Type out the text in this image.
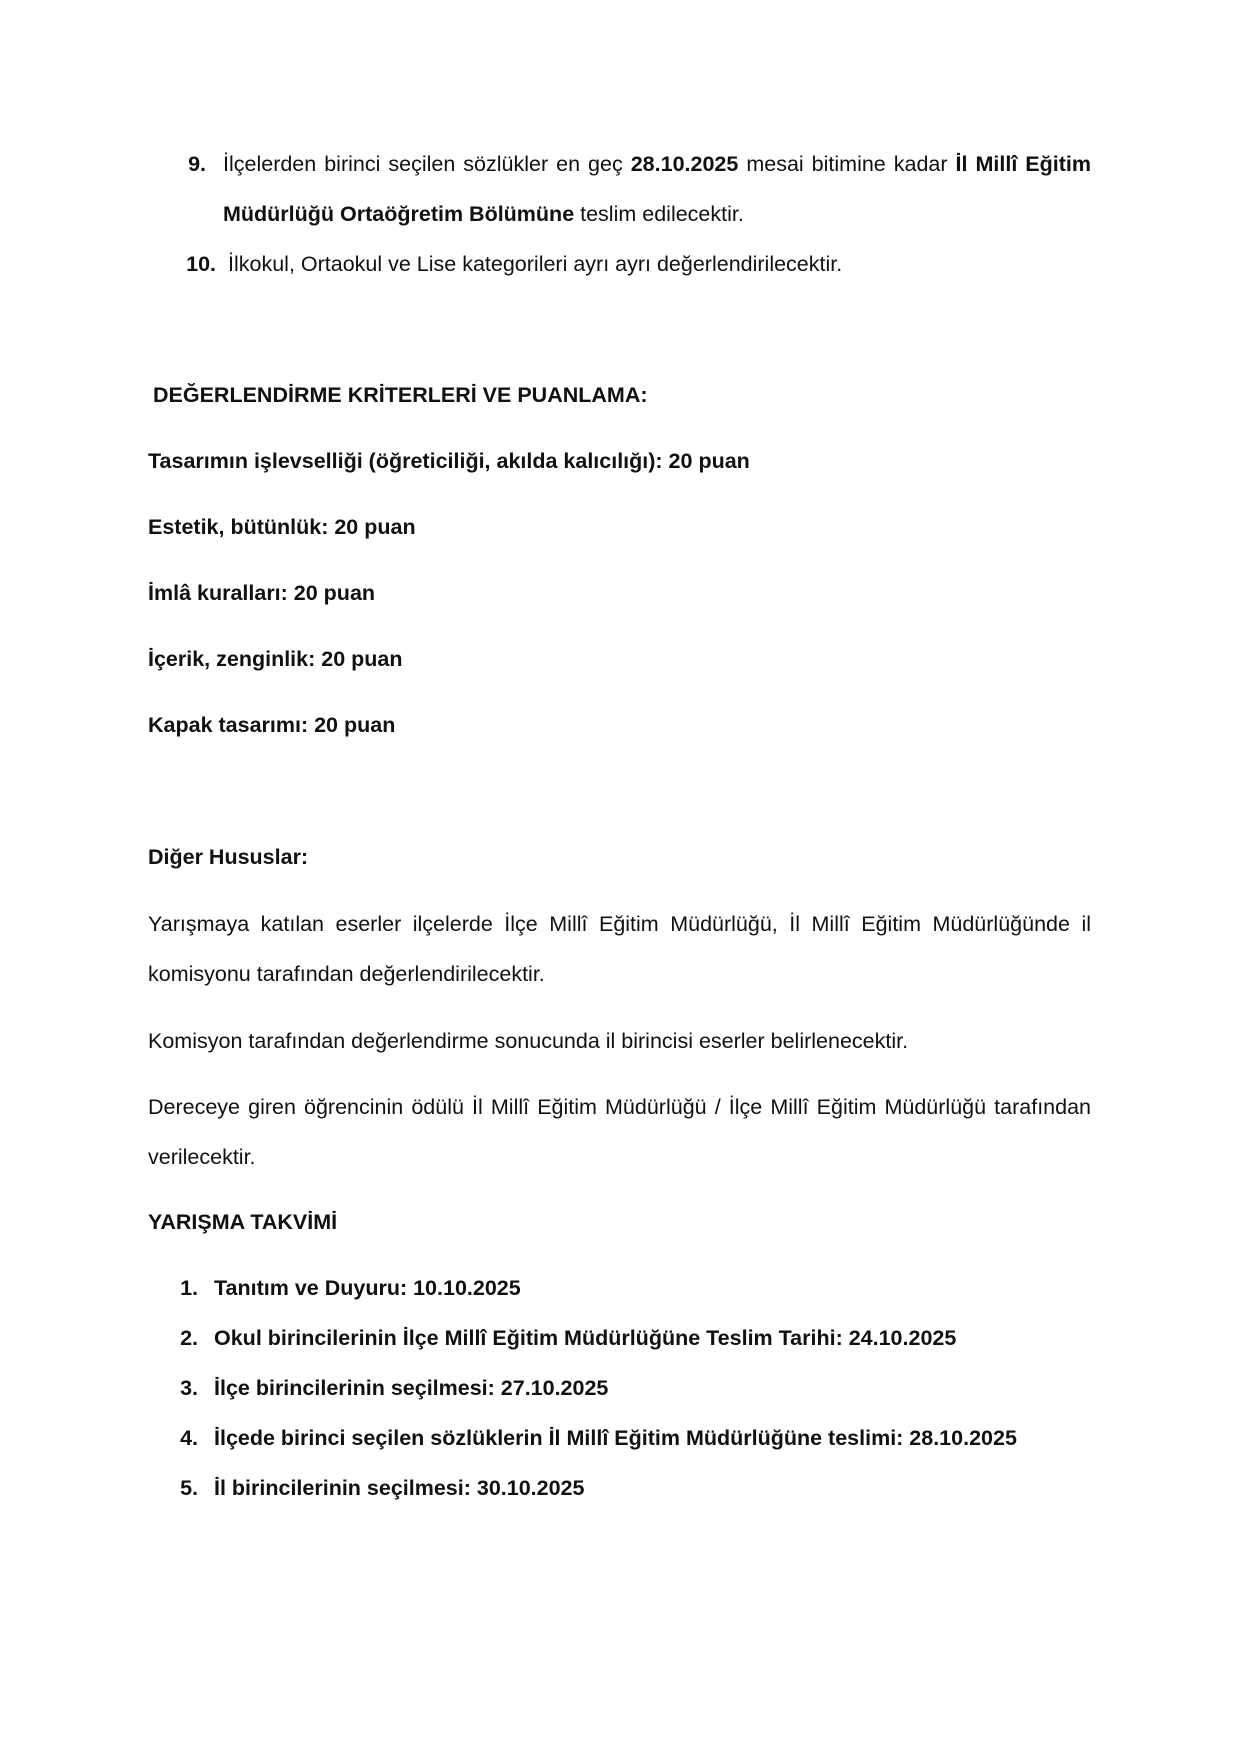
9. İlçelerden birinci seçilen sözlükler en geç 28.10.2025 mesai bitimine kadar İl Millî Eğitim Müdürlüğü Ortaöğretim Bölümüne teslim edilecektir.
10. İlkokul, Ortaokul ve Lise kategorileri ayrı ayrı değerlendirilecektir.
DEĞERLENDİRME KRİTERLERİ VE PUANLAMA:
Tasarımın işlevselliği (öğreticiliği, akılda kalıcılığı): 20 puan
Estetik, bütünlük: 20 puan
İmlâ kuralları: 20 puan
İçerik, zenginlik: 20 puan
Kapak tasarımı: 20 puan
Diğer Hususlar:
Yarışmaya katılan eserler ilçelerde İlçe Millî Eğitim Müdürlüğü, İl Millî Eğitim Müdürlüğünde il komisyonu tarafından değerlendirilecektir.
Komisyon tarafından değerlendirme sonucunda il birincisi eserler belirlenecektir.
Dereceye giren öğrencinin ödülü İl Millî Eğitim Müdürlüğü / İlçe Millî Eğitim Müdürlüğü tarafından verilecektir.
YARIŞMA TAKVİMİ
1. Tanıtım ve Duyuru: 10.10.2025
2. Okul birincilerinin İlçe Millî Eğitim Müdürlüğüne Teslim Tarihi: 24.10.2025
3. İlçe birincilerinin seçilmesi: 27.10.2025
4. İlçede birinci seçilen sözlüklerin İl Millî Eğitim Müdürlüğüne teslimi: 28.10.2025
5. İl birincilerinin seçilmesi: 30.10.2025
